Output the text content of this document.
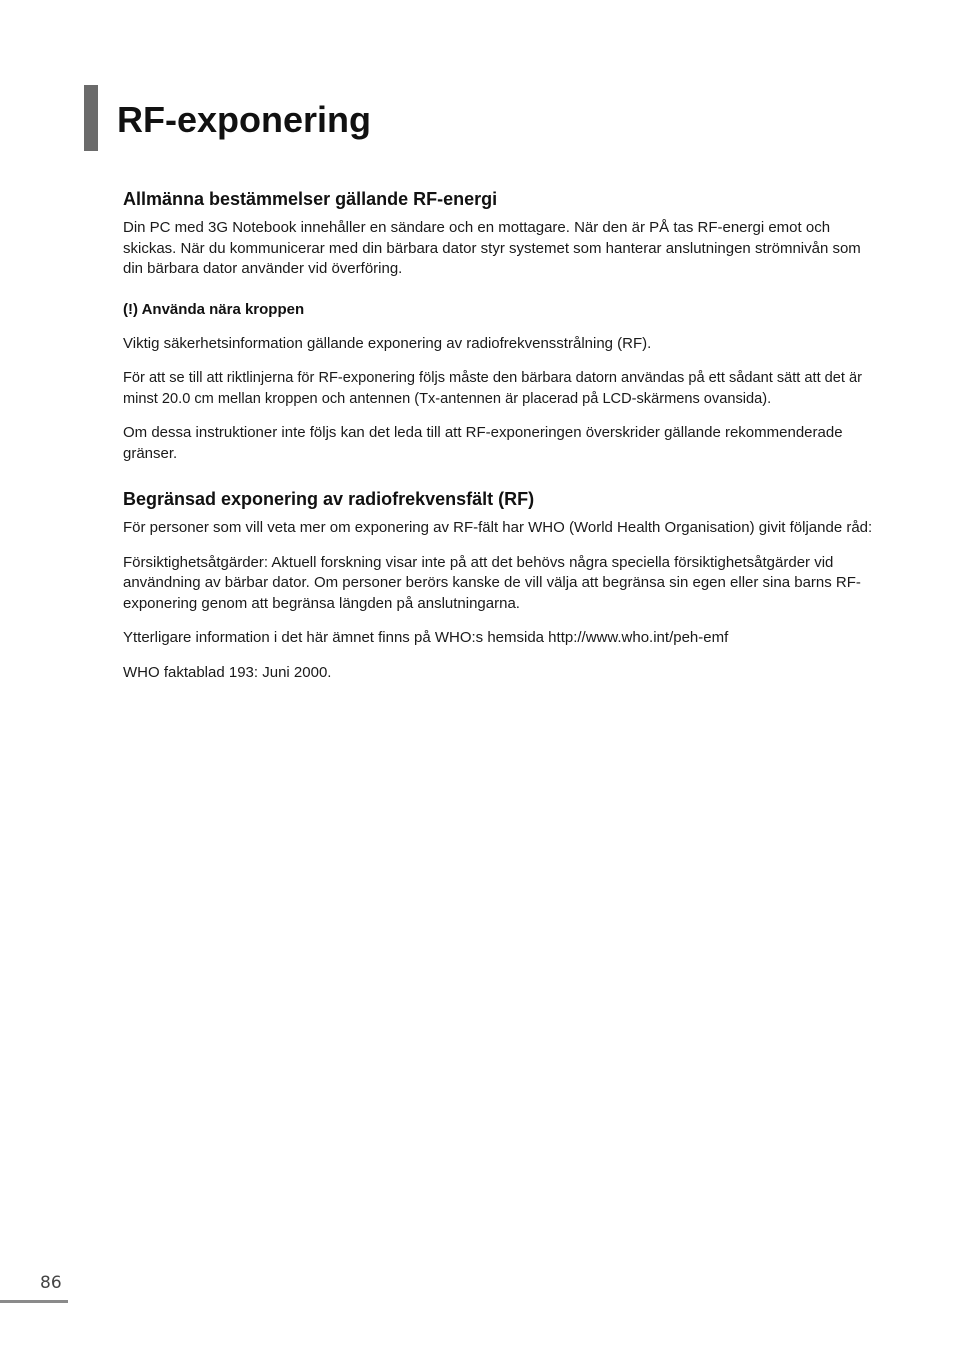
RF-exponering
Allmänna bestämmelser gällande RF-energi

Din PC med 3G Notebook innehåller en sändare och en mottagare. När den är PÅ tas RF-energi emot och skickas. När du kommunicerar med din bärbara dator styr systemet som hanterar anslutningen strömnivån som din bärbara dator använder vid överföring.

(!) Använda nära kroppen

Viktig säkerhetsinformation gällande exponering av radiofrekvensstrålning (RF).

För att se till att riktlinjerna för RF-exponering följs måste den bärbara datorn användas på ett sådant sätt att det är minst 20.0 cm mellan kroppen och antennen (Tx-antennen är placerad på LCD-skärmens ovansida).

Om dessa instruktioner inte följs kan det leda till att RF-exponeringen överskrider gällande rekommenderade gränser.

Begränsad exponering av radiofrekvensfält (RF)

För personer som vill veta mer om exponering av RF-fält har WHO (World Health Organisation) givit följande råd:

Försiktighetsåtgärder: Aktuell forskning visar inte på att det behövs några speciella försiktighetsåtgärder vid användning av bärbar dator. Om personer berörs kanske de vill välja att begränsa sin egen eller sina barns RF-exponering genom att begränsa längden på anslutningarna.

Ytterligare information i det här ämnet finns på WHO:s hemsida http://www.who.int/peh-emf

WHO faktablad 193: Juni 2000.

86
